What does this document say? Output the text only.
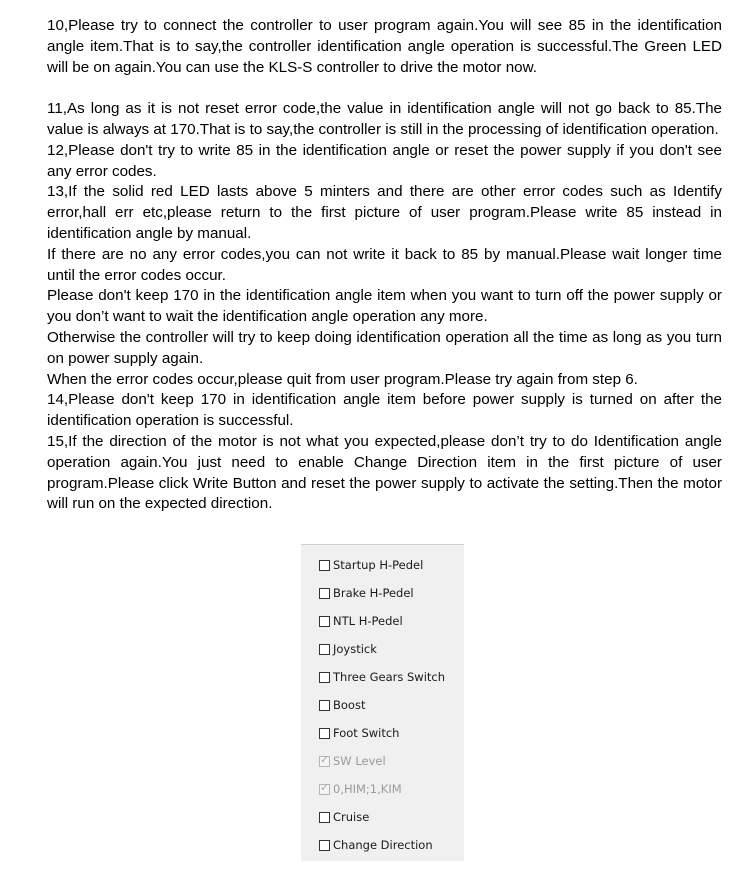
10,Please try to connect the controller to user program again.You will see 85 in the identification angle item.That is to say,the controller identification angle operation is successful.The Green LED will be on again.You can use the KLS-S controller to drive the motor now.

11,As long as it is not reset error code,the value in identification angle will not go back to 85.The value is always at 170.That is to say,the controller is still in the processing of identification operation.

12,Please don't try to write 85 in the identification angle or reset the power supply if you don't see any error codes.

13,If the solid red LED lasts above 5 minters and there are other error codes such as Identify error,hall err etc,please return to the first picture of user program.Please write 85 instead in identification angle by manual.

If there are no any error codes,you can not write it back to 85 by manual.Please wait longer time until the error codes occur.

Please don't keep 170 in the identification angle item when you want to turn off the power supply or you don’t want to wait the identification angle operation any more.

Otherwise the controller will try to keep doing identification operation all the time as long as you turn on power supply again.

When the error codes occur,please quit from user program.Please try again from step 6.

14,Please don't keep 170 in identification angle item before power supply is turned on after the identification operation is successful.

15,If the direction of the motor is not what you expected,please don’t try to do Identification angle operation again.You just need to enable Change Direction item in the first picture of user program.Please click Write Button and reset the power supply to activate the setting.Then the motor will run on the expected direction.

Startup H-Pedel
Brake H-Pedel
NTL H-Pedel
Joystick
Three Gears Switch
Boost
Foot Switch
✓ SW Level
✓ 0,HIM;1,KIM
Cruise
Change Direction
